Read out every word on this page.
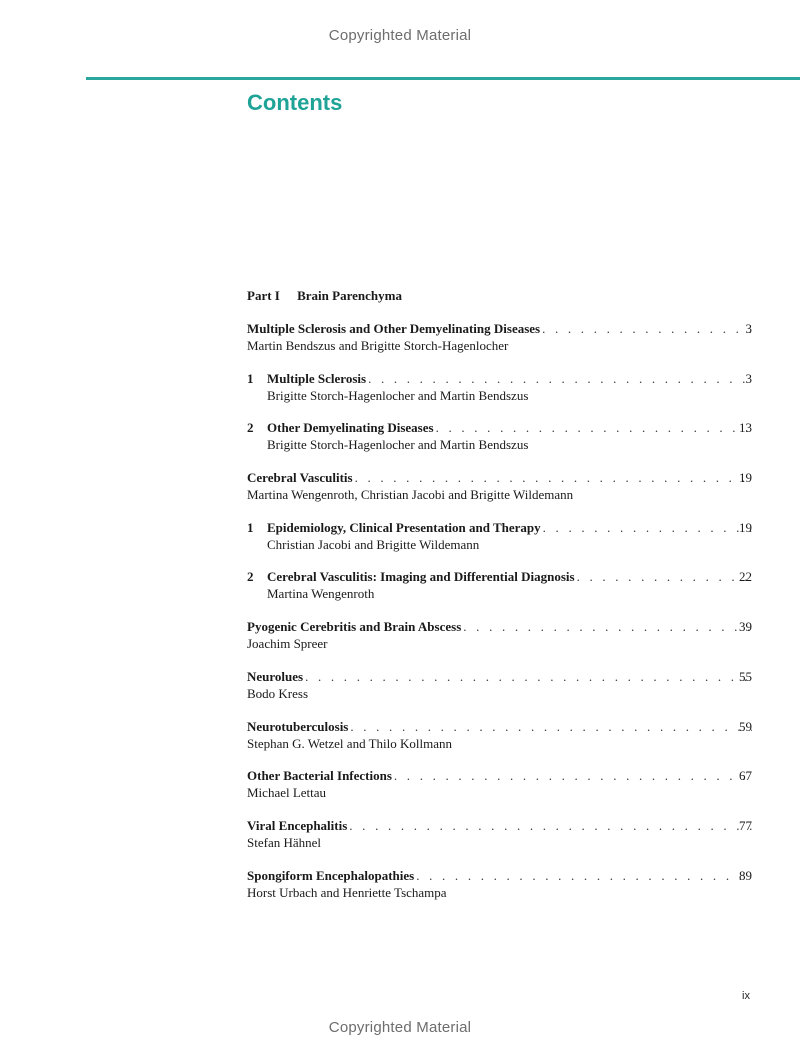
Copyrighted Material
Contents
Part I Brain Parenchyma
Multiple Sclerosis and Other Demyelinating Diseases . . .	3
Martin Bendszus and Brigitte Storch-Hagenlocher
1	Multiple Sclerosis . . .	3
Brigitte Storch-Hagenlocher and Martin Bendszus
2	Other Demyelinating Diseases . . .	13
Brigitte Storch-Hagenlocher and Martin Bendszus
Cerebral Vasculitis . . .	19
Martina Wengenroth, Christian Jacobi and Brigitte Wildemann
1	Epidemiology, Clinical Presentation and Therapy . . .	19
Christian Jacobi and Brigitte Wildemann
2	Cerebral Vasculitis: Imaging and Differential Diagnosis . . .	22
Martina Wengenroth
Pyogenic Cerebritis and Brain Abscess . . .	39
Joachim Spreer
Neurolues . . .	55
Bodo Kress
Neurotuberculosis . . .	59
Stephan G. Wetzel and Thilo Kollmann
Other Bacterial Infections . . .	67
Michael Lettau
Viral Encephalitis . . .	77
Stefan Hähnel
Spongiform Encephalopathies . . .	89
Horst Urbach and Henriette Tschampa
ix
Copyrighted Material
